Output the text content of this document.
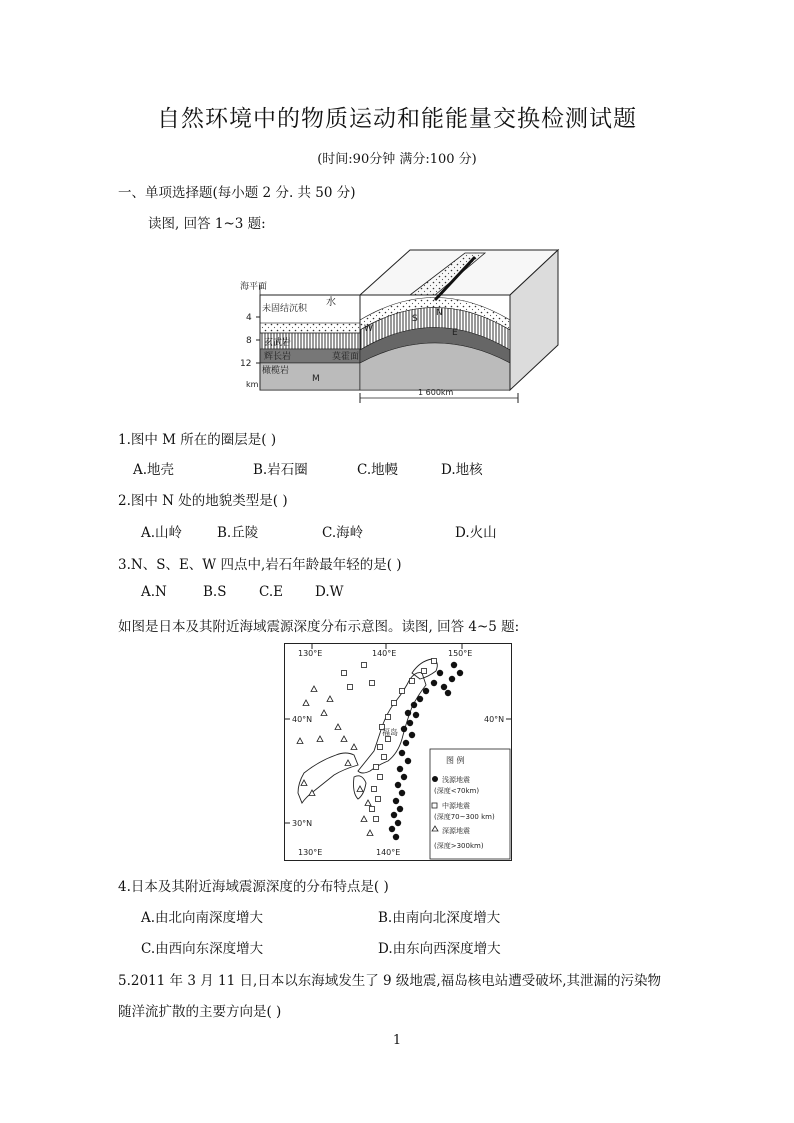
自然环境中的物质运动和能能量交换检测试题
(时间:90分钟 满分:100 分)
一、单项选择题(每小题 2 分. 共 50 分)
读图, 回答 1~3 题:
海平面
未固结沉积
水
4
8
12
km
玄武岩
辉长岩	莫霍面
橄榄岩
M
W
S
N
E
1 600km
1.图中 M 所在的圈层是( )
A.地壳	B.岩石圈	C.地幔	D.地核
2.图中 N 处的地貌类型是( )
A.山岭	B.丘陵	C.海岭	D.火山
3.N、S、E、W 四点中,岩石年龄最年轻的是( )
A.N	B.S C.E D.W
如图是日本及其附近海域震源深度分布示意图。读图, 回答 4~5 题:
130°E	140°E	150°E
40°N	40°N
30°N
130°E	140°E
福岛
图 例
浅源地震
(深度<70km)
中源地震
(深度70~300 km)
深源地震
(深度>300km)
4.日本及其附近海域震源深度的分布特点是( )
A.由北向南深度增大	B.由南向北深度增大
C.由西向东深度增大	D.由东向西深度增大
5.2011 年 3 月 11 日,日本以东海域发生了 9 级地震,福岛核电站遭受破坏,其泄漏的污染物
随洋流扩散的主要方向是( )
1
